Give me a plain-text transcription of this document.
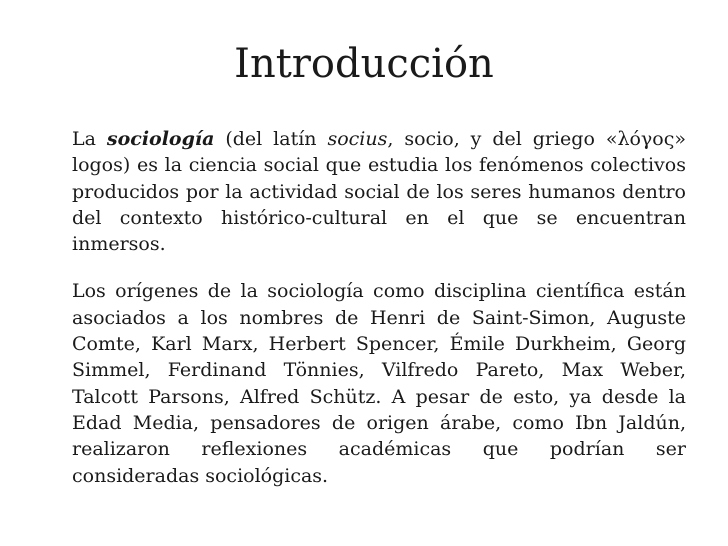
Introducción

La sociología (del latín socius, socio, y del griego «λόγος» logos) es la ciencia social que estudia los fenómenos colectivos producidos por la actividad social de los seres humanos dentro del contexto histórico-cultural en el que se encuentran inmersos.

Los orígenes de la sociología como disciplina científica están asociados a los nombres de Henri de Saint-Simon, Auguste Comte, Karl Marx, Herbert Spencer, Émile Durkheim, Georg Simmel, Ferdinand Tönnies, Vilfredo Pareto, Max Weber, Talcott Parsons, Alfred Schütz. A pesar de esto, ya desde la Edad Media, pensadores de origen árabe, como Ibn Jaldún, realizaron reflexiones académicas que podrían ser consideradas sociológicas.
